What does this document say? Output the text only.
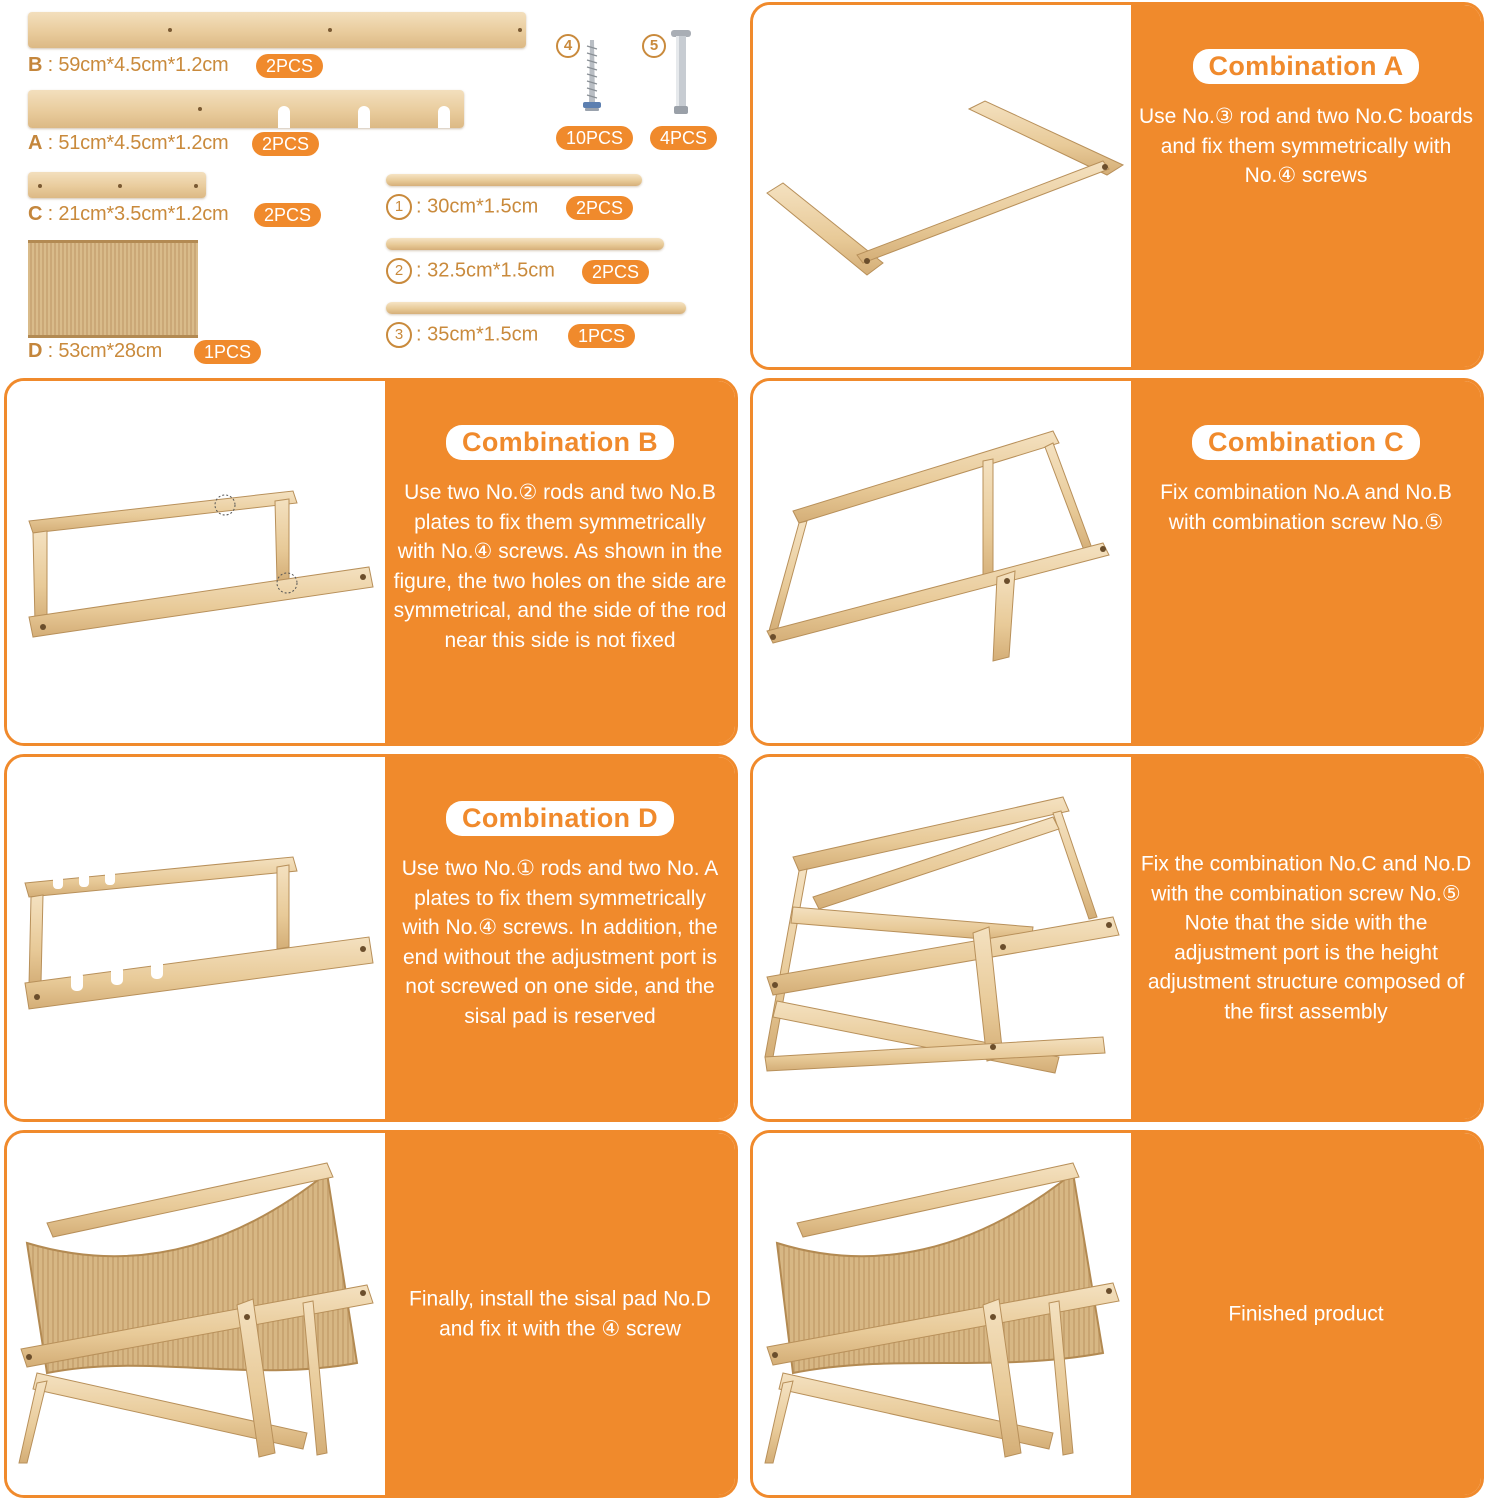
B : 59cm*4.5cm*1.2cm	2PCS
A : 51cm*4.5cm*1.2cm	2PCS
C : 21cm*3.5cm*1.2cm	2PCS
D : 53cm*28cm	1PCS
4
10PCS
5
4PCS
1 : 30cm*1.5cm	2PCS
2 : 32.5cm*1.5cm	2PCS
3 : 35cm*1.5cm	1PCS
Combination A
Use No.③ rod and two No.C boards and fix them symmetrically with No.④ screws
Combination B
Use two No.② rods and two No.B plates to fix them symmetrically with No.④ screws. As shown in the figure, the two holes on the side are symmetrical, and the side of the rod near this side is not fixed
Combination C
Fix combination No.A and No.B with combination screw No.⑤
Combination D
Use two No.① rods and two No. A plates to fix them symmetrically with No.④ screws. In addition, the end without the adjustment port is not screwed on one side, and the sisal pad is reserved
Fix the combination No.C and No.D with the combination screw No.⑤ Note that the side with the adjustment port is the height adjustment structure composed of the first assembly
Finally, install the sisal pad No.D and fix it with the ④ screw
Finished product
